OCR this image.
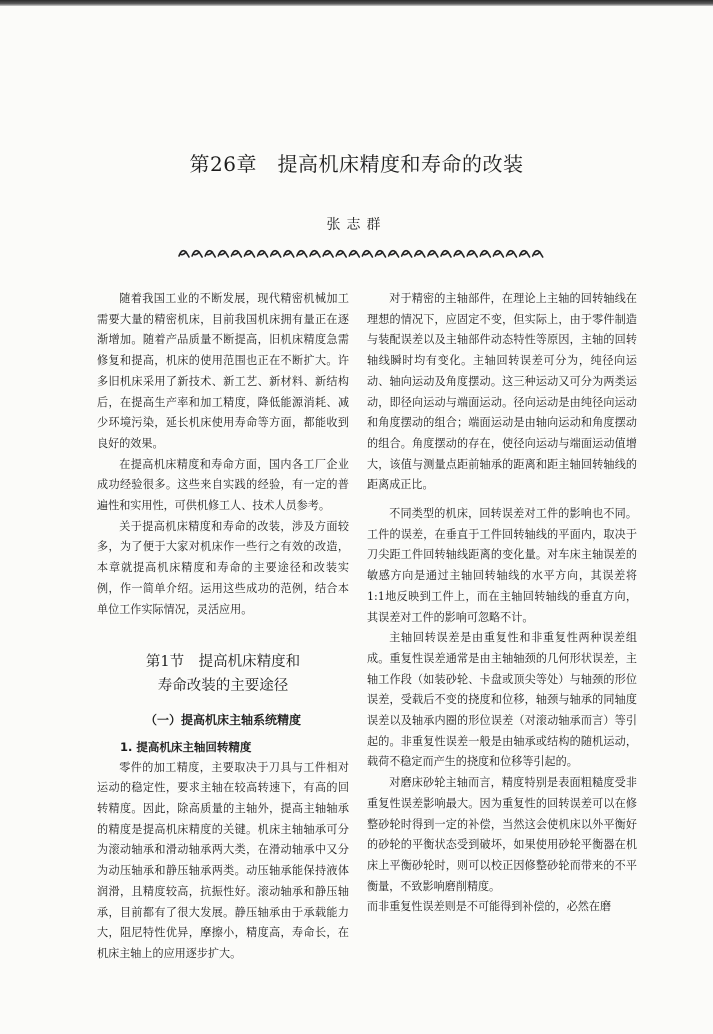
第26章　提高机床精度和寿命的改装
张志群

随着我国工业的不断发展，现代精密机械加工需要大量的精密机床，目前我国机床拥有量正在逐渐增加。随着产品质量不断提高，旧机床精度急需修复和提高，机床的使用范围也正在不断扩大。许多旧机床采用了新技术、新工艺、新材料、新结构后，在提高生产率和加工精度，降低能源消耗、减少环境污染，延长机床使用寿命等方面，都能收到良好的效果。

在提高机床精度和寿命方面，国内各工厂企业成功经验很多。这些来自实践的经验，有一定的普遍性和实用性，可供机修工人、技术人员参考。

关于提高机床精度和寿命的改装，涉及方面较多，为了便于大家对机床作一些行之有效的改造，本章就提高机床精度和寿命的主要途径和改装实例，作一简单介绍。运用这些成功的范例，结合本单位工作实际情况，灵活应用。

第1节　提高机床精度和
寿命改装的主要途径
（一）提高机床主轴系统精度

1. 提高机床主轴回转精度

零件的加工精度，主要取决于刀具与工件相对运动的稳定性，要求主轴在较高转速下，有高的回转精度。因此，除高质量的主轴外，提高主轴轴承的精度是提高机床精度的关键。机床主轴轴承可分为滚动轴承和滑动轴承两大类，在滑动轴承中又分为动压轴承和静压轴承两类。动压轴承能保持液体润滑，且精度较高，抗振性好。滚动轴承和静压轴承，目前都有了很大发展。静压轴承由于承载能力大，阻尼特性优异，摩擦小，精度高，寿命长，在机床主轴上的应用逐步扩大。

对于精密的主轴部件，在理论上主轴的回转轴线在理想的情况下，应固定不变，但实际上，由于零件制造与装配误差以及主轴部件动态特性等原因，主轴的回转轴线瞬时均有变化。主轴回转误差可分为，纯径向运动、轴向运动及角度摆动。这三种运动又可分为两类运动，即径向运动与端面运动。径向运动是由纯径向运动和角度摆动的组合；端面运动是由轴向运动和角度摆动的组合。角度摆动的存在，使径向运动与端面运动值增大，该值与测量点距前轴承的距离和距主轴回转轴线的距离成正比。

不同类型的机床，回转误差对工件的影响也不同。工件的误差，在垂直于工件回转轴线的平面内，取决于刀尖距工件回转轴线距离的变化量。对车床主轴误差的敏感方向是通过主轴回转轴线的水平方向，其误差将1:1地反映到工件上，而在主轴回转轴线的垂直方向，其误差对工件的影响可忽略不计。

主轴回转误差是由重复性和非重复性两种误差组成。重复性误差通常是由主轴轴颈的几何形状误差，主轴工作段（如装砂轮、卡盘或顶尖等处）与轴颈的形位误差，受载后不变的挠度和位移，轴颈与轴承的同轴度误差以及轴承内圈的形位误差（对滚动轴承而言）等引起的。非重复性误差一般是由轴承或结构的随机运动，载荷不稳定而产生的挠度和位移等引起的。

对磨床砂轮主轴而言，精度特别是表面粗糙度受非重复性误差影响最大。因为重复性的回转误差可以在修整砂轮时得到一定的补偿，当然这会使机床以外平衡好的砂轮的平衡状态受到破坏，如果使用砂轮平衡器在机床上平衡砂轮时，则可以校正因修整砂轮而带来的不平衡量，不致影响磨削精度。

而非重复性误差则是不可能得到补偿的，必然在磨
